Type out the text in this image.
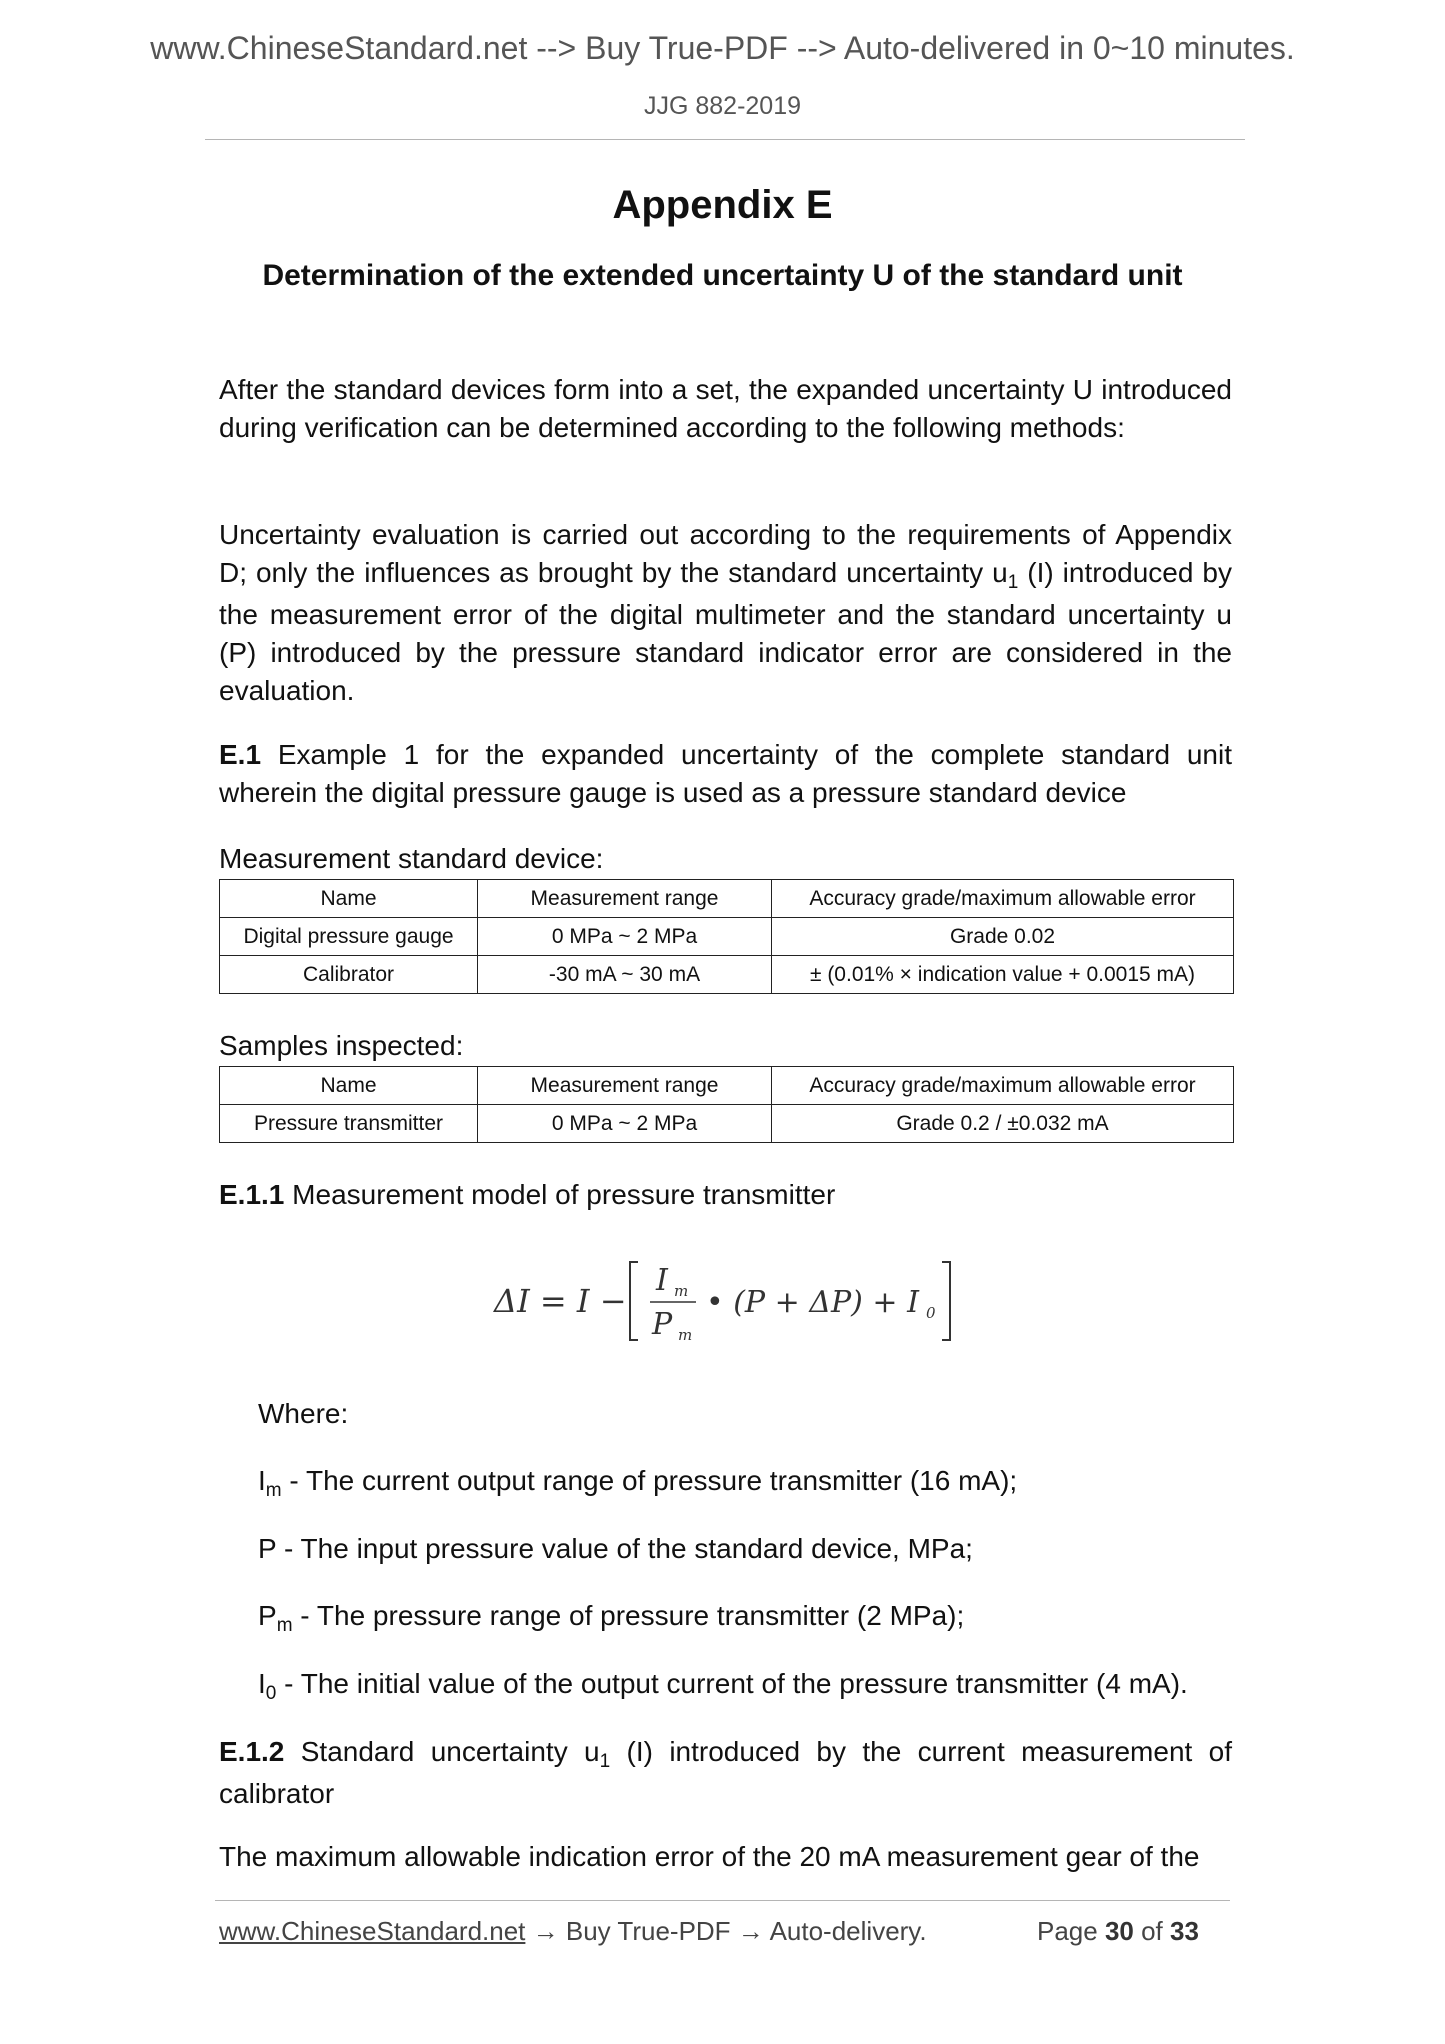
www.ChineseStandard.net --> Buy True-PDF --> Auto-delivered in 0~10 minutes.
JJG 882-2019
Appendix E
Determination of the extended uncertainty U of the standard unit
After the standard devices form into a set, the expanded uncertainty U introduced during verification can be determined according to the following methods:
Uncertainty evaluation is carried out according to the requirements of Appendix D; only the influences as brought by the standard uncertainty $u_1$ (I) introduced by the measurement error of the digital multimeter and the standard uncertainty u (P) introduced by the pressure standard indicator error are considered in the evaluation.
E.1 Example 1 for the expanded uncertainty of the complete standard unit wherein the digital pressure gauge is used as a pressure standard device
Measurement standard device:
Name	Measurement range	Accuracy grade/maximum allowable error
Digital pressure gauge	0 MPa ~ 2 MPa	Grade 0.02
Calibrator	-30 mA ~ 30 mA	± (0.01% × indication value + 0.0015 mA)
Samples inspected:
Name	Measurement range	Accuracy grade/maximum allowable error
Pressure transmitter	0 MPa ~ 2 MPa	Grade 0.2 / ±0.032 mA
E.1.1 Measurement model of pressure transmitter
ΔI = I −
I m
P m
• (P + ΔP) + I 0
Where:
$I_m$ - The current output range of pressure transmitter (16 mA);
P - The input pressure value of the standard device, MPa;
$P_m$ - The pressure range of pressure transmitter (2 MPa);
$I_0$ - The initial value of the output current of the pressure transmitter (4 mA).
E.1.2 Standard uncertainty $u_1$ (I) introduced by the current measurement of calibrator
The maximum allowable indication error of the 20 mA measurement gear of the
www.ChineseStandard.net → Buy True-PDF → Auto-delivery.	Page 30 of 33
